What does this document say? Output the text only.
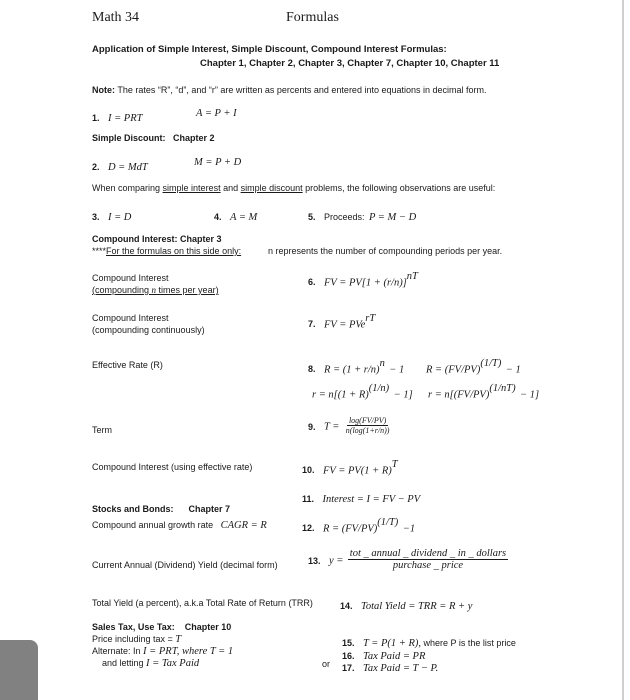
Math 34	Formulas
Application of Simple Interest, Simple Discount, Compound Interest Formulas:
Chapter 1, Chapter 2, Chapter 3, Chapter 7, Chapter 10, Chapter 11
Note: The rates “R”, “d”, and “r” are written as percents and entered into equations in decimal form.
1. I = PRT	A = P + I
Simple Discount: Chapter 2
2. D = MdT	M = P + D
When comparing simple interest and simple discount problems, the following observations are useful:
3. I = D	4. A = M	5. Proceeds: P = M − D
Compound Interest: Chapter 3
****For the formulas on this side only:	n represents the number of compounding periods per year.
Compound Interest
(compounding n times per year)
6. FV = $PV[1 + (r/n)]^{nT}$
Compound Interest
(compounding continuously)
7. FV = PVe$^{rT}$
Effective Rate (R)	8. $R = (1 + r/n)^n - 1$ $R = (FV/PV)^{(1/T)} - 1$
$r = n[(1 + R)^{(1/n)} - 1]$ $r = n[(FV/PV)^{(1/nT)} - 1]$
Term	9. $T = \frac{\log(FV/PV)}{n(\log(1+r/n))}$
Compound Interest (using effective rate)	10. FV = $PV(1 + R)^T$
11. Interest = I = FV − PV
Stocks and Bonds: Chapter 7
Compound annual growth rate CAGR = R	12. $R = (FV/PV)^{(1/T)} -1$
Current Annual (Dividend) Yield (decimal form)	13. $y = \frac{\text{tot \_ annual \_ dividend \_ in \_ dollars}}{\text{purchase \_ price}}$
Total Yield (a percent), a.k.a Total Rate of Return (TRR)	14. Total Yield = TRR = R + y
Sales Tax, Use Tax: Chapter 10
Price including tax = T
Alternate: In I = PRT, where T = 1
and letting I = Tax Paid
15. T = P(1 + R), where P is the list price
16. Tax Paid = PR
or 17. Tax Paid = T − P.
